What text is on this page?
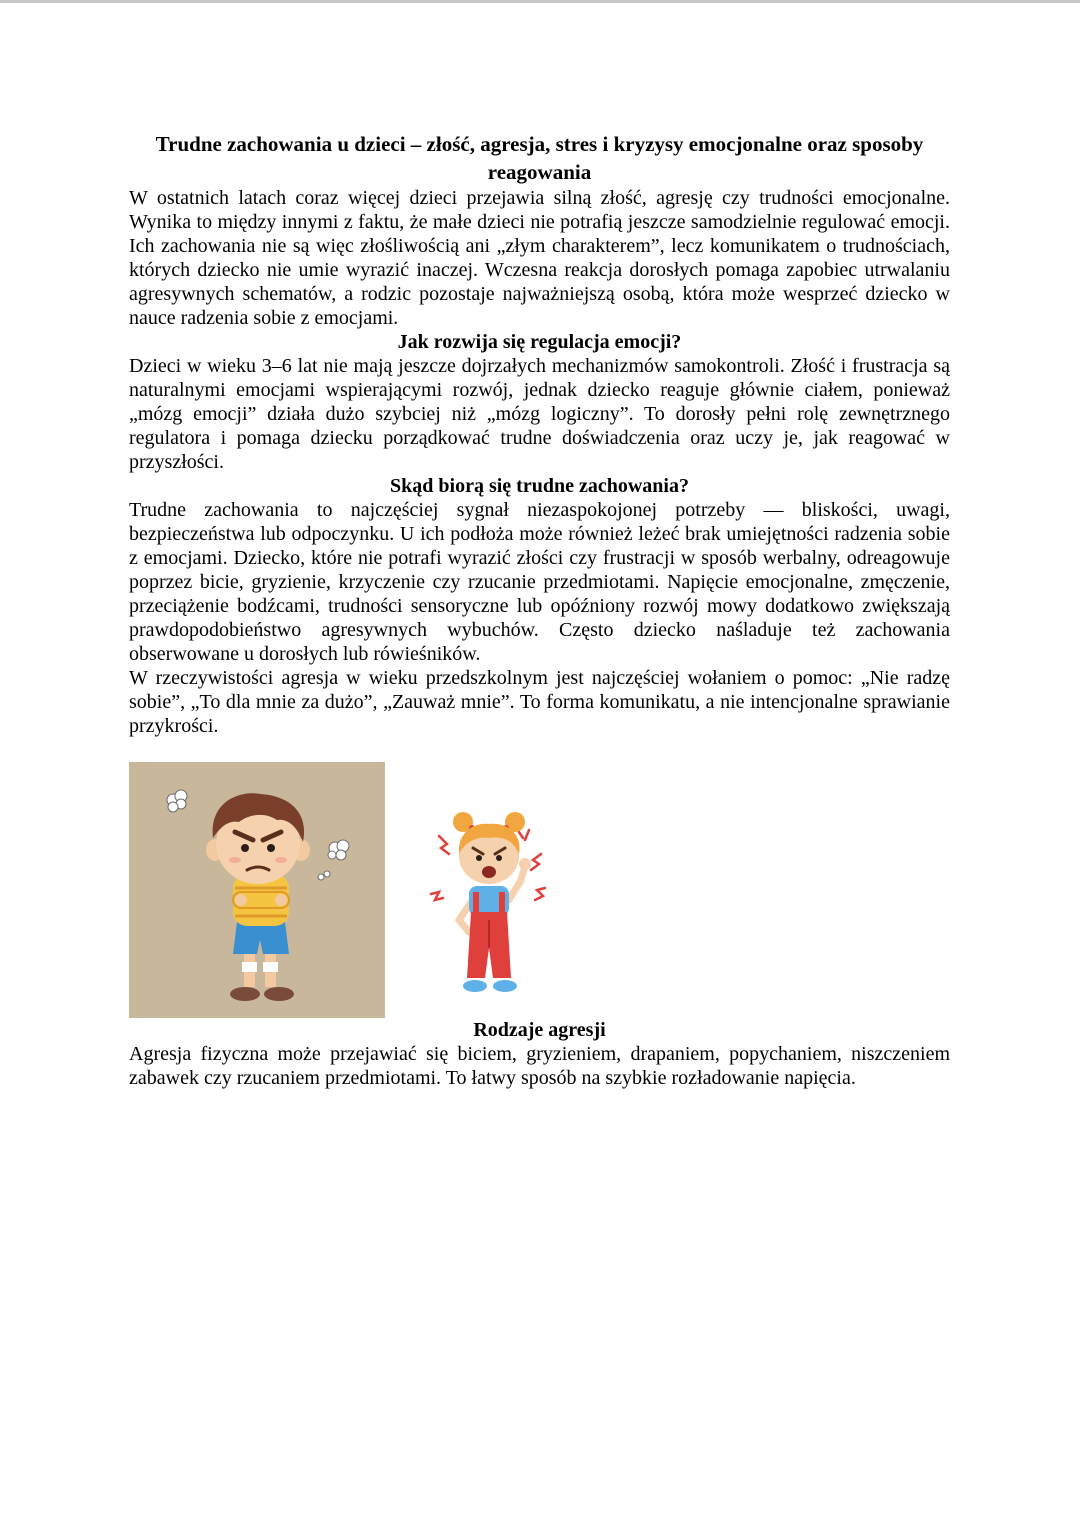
Trudne zachowania u dzieci – złość, agresja, stres i kryzysy emocjonalne oraz sposoby reagowania

W ostatnich latach coraz więcej dzieci przejawia silną złość, agresję czy trudności emocjonalne. Wynika to między innymi z faktu, że małe dzieci nie potrafią jeszcze samodzielnie regulować emocji. Ich zachowania nie są więc złośliwością ani „złym charakterem”, lecz komunikatem o trudnościach, których dziecko nie umie wyrazić inaczej. Wczesna reakcja dorosłych pomaga zapobiec utrwalaniu agresywnych schematów, a rodzic pozostaje najważniejszą osobą, która może wesprzeć dziecko w nauce radzenia sobie z emocjami.

Jak rozwija się regulacja emocji?

Dzieci w wieku 3–6 lat nie mają jeszcze dojrzałych mechanizmów samokontroli. Złość i frustracja są naturalnymi emocjami wspierającymi rozwój, jednak dziecko reaguje głównie ciałem, ponieważ „mózg emocji” działa dużo szybciej niż „mózg logiczny”. To dorosły pełni rolę zewnętrznego regulatora i pomaga dziecku porządkować trudne doświadczenia oraz uczy je, jak reagować w przyszłości.

Skąd biorą się trudne zachowania?

Trudne zachowania to najczęściej sygnał niezaspokojonej potrzeby — bliskości, uwagi, bezpieczeństwa lub odpoczynku. U ich podłoża może również leżeć brak umiejętności radzenia sobie z emocjami. Dziecko, które nie potrafi wyrazić złości czy frustracji w sposób werbalny, odreagowuje poprzez bicie, gryzienie, krzyczenie czy rzucanie przedmiotami. Napięcie emocjonalne, zmęczenie, przeciążenie bodźcami, trudności sensoryczne lub opóźniony rozwój mowy dodatkowo zwiększają prawdopodobieństwo agresywnych wybuchów. Często dziecko naśladuje też zachowania obserwowane u dorosłych lub rówieśników.

W rzeczywistości agresja w wieku przedszkolnym jest najczęściej wołaniem o pomoc: „Nie radzę sobie”, „To dla mnie za dużo”, „Zauważ mnie”. To forma komunikatu, a nie intencjonalne sprawianie przykrości.

Rodzaje agresji

Agresja fizyczna może przejawiać się biciem, gryzieniem, drapaniem, popychaniem, niszczeniem zabawek czy rzucaniem przedmiotami. To łatwy sposób na szybkie rozładowanie napięcia.
